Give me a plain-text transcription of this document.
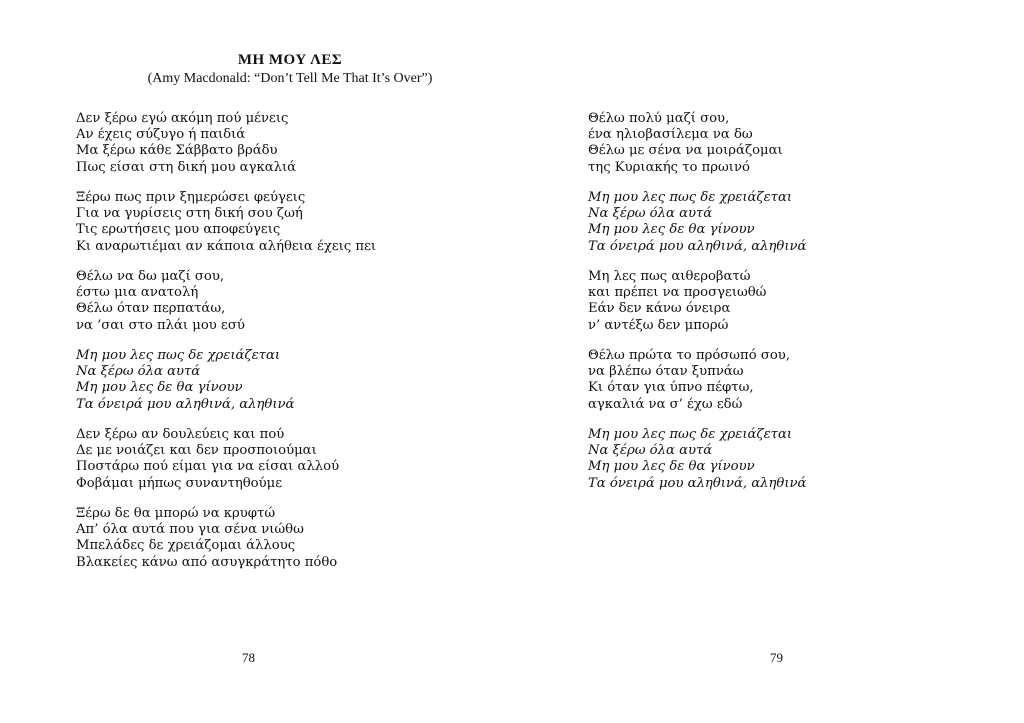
ΜΗ ΜΟΥ ΛΕΣ
(Amy Macdonald: “Don’t Tell Me That It’s Over”)
Δεν ξέρω εγώ ακόμη πού μένεις
Αν έχεις σύζυγο ή παιδιά
Μα ξέρω κάθε Σάββατο βράδυ
Πως είσαι στη δική μου αγκαλιά
Ξέρω πως πριν ξημερώσει φεύγεις
Για να γυρίσεις στη δική σου ζωή
Τις ερωτήσεις μου αποφεύγεις
Κι αναρωτιέμαι αν κάποια αλήθεια έχεις πει
Θέλω να δω μαζί σου,
έστω μια ανατολή
Θέλω όταν περπατάω,
να ’σαι στο πλάι μου εσύ
Μη μου λες πως δε χρειάζεται
Να ξέρω όλα αυτά
Μη μου λες δε θα γίνουν
Τα όνειρά μου αληθινά, αληθινά
Δεν ξέρω αν δουλεύεις και πού
Δε με νοιάζει και δεν προσποιούμαι
Ποστάρω πού είμαι για να είσαι αλλού
Φοβάμαι μήπως συναντηθούμε
Ξέρω δε θα μπορώ να κρυφτώ
Απ’ όλα αυτά που για σένα νιώθω
Μπελάδες δε χρειάζομαι άλλους
Βλακείες κάνω από ασυγκράτητο πόθο
78
Θέλω πολύ μαζί σου,
ένα ηλιοβασίλεμα να δω
Θέλω με σένα να μοιράζομαι
της Κυριακής το πρωινό
Μη μου λες πως δε χρειάζεται
Να ξέρω όλα αυτά
Μη μου λες δε θα γίνουν
Τα όνειρά μου αληθινά, αληθινά
Μη λες πως αιθεροβατώ
και πρέπει να προσγειωθώ
Εάν δεν κάνω όνειρα
ν’ αντέξω δεν μπορώ
Θέλω πρώτα το πρόσωπό σου,
να βλέπω όταν ξυπνάω
Κι όταν για ύπνο πέφτω,
αγκαλιά να σ’ έχω εδώ
Μη μου λες πως δε χρειάζεται
Να ξέρω όλα αυτά
Μη μου λες δε θα γίνουν
Τα όνειρά μου αληθινά, αληθινά
79
